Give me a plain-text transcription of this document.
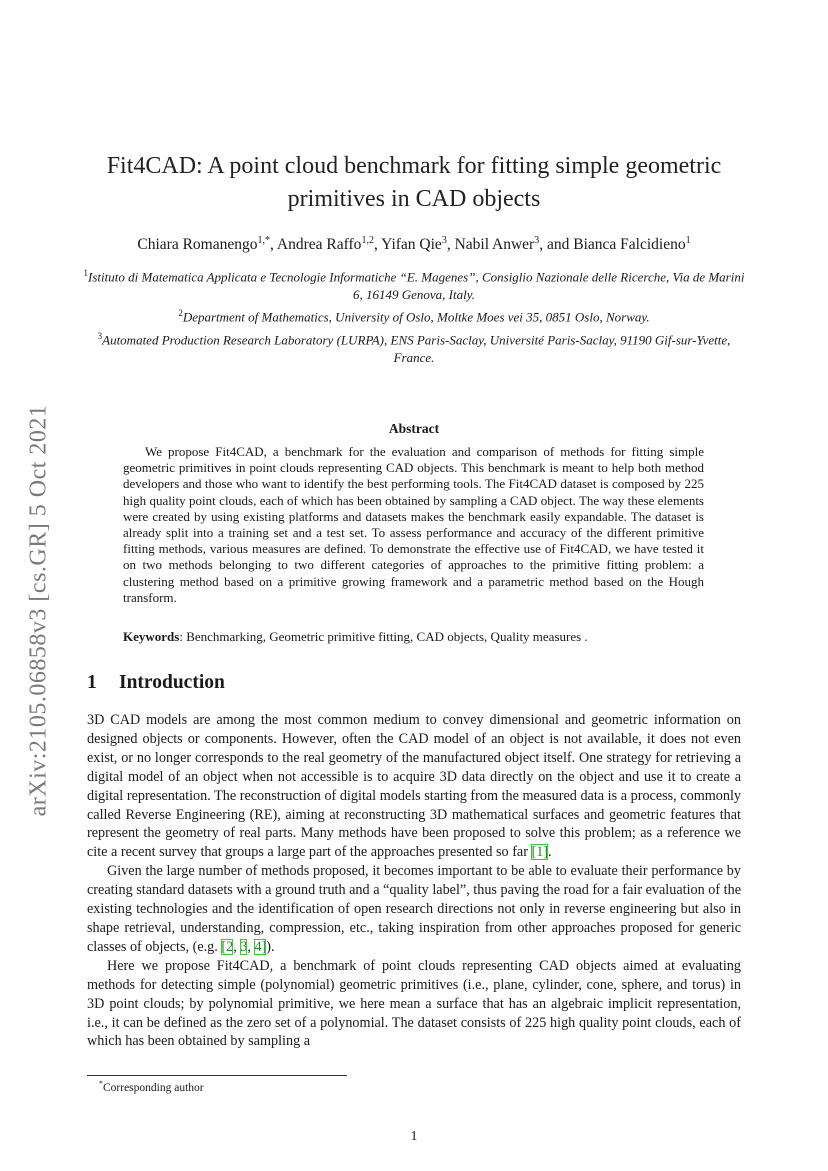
arXiv:2105.06858v3 [cs.GR] 5 Oct 2021
Fit4CAD: A point cloud benchmark for fitting simple geometric primitives in CAD objects
Chiara Romanengo$^{1,*}$, Andrea Raffo$^{1,2}$, Yifan Qie$^3$, Nabil Anwer$^3$, and Bianca Falcidieno$^1$
$^1$Istituto di Matematica Applicata e Tecnologie Informatiche “E. Magenes”, Consiglio Nazionale delle Ricerche, Via de Marini 6, 16149 Genova, Italy.
$^2$Department of Mathematics, University of Oslo, Moltke Moes vei 35, 0851 Oslo, Norway.
$^3$Automated Production Research Laboratory (LURPA), ENS Paris-Saclay, Université Paris-Saclay, 91190 Gif-sur-Yvette, France.
Abstract
We propose Fit4CAD, a benchmark for the evaluation and comparison of methods for fitting simple geometric primitives in point clouds representing CAD objects. This benchmark is meant to help both method developers and those who want to identify the best performing tools. The Fit4CAD dataset is composed by 225 high quality point clouds, each of which has been obtained by sampling a CAD object. The way these elements were created by using existing platforms and datasets makes the benchmark easily expandable. The dataset is already split into a training set and a test set. To assess performance and accuracy of the different primitive fitting methods, various measures are defined. To demonstrate the effective use of Fit4CAD, we have tested it on two methods belonging to two different categories of approaches to the primitive fitting problem: a clustering method based on a primitive growing framework and a parametric method based on the Hough transform.
Keywords: Benchmarking, Geometric primitive fitting, CAD objects, Quality measures .
1 Introduction

3D CAD models are among the most common medium to convey dimensional and geometric information on designed objects or components. However, often the CAD model of an object is not available, it does not even exist, or no longer corresponds to the real geometry of the manufactured object itself. One strategy for retrieving a digital model of an object when not accessible is to acquire 3D data directly on the object and use it to create a digital representation. The reconstruction of digital models starting from the measured data is a process, commonly called Reverse Engineering (RE), aiming at reconstructing 3D mathematical surfaces and geometric features that represent the geometry of real parts. Many methods have been proposed to solve this problem; as a reference we cite a recent survey that groups a large part of the approaches presented so far [1].

Given the large number of methods proposed, it becomes important to be able to evaluate their performance by creating standard datasets with a ground truth and a “quality label”, thus paving the road for a fair evaluation of the existing technologies and the identification of open research directions not only in reverse engineering but also in shape retrieval, understanding, compression, etc., taking inspiration from other approaches proposed for generic classes of objects, (e.g. [2, 3, 4]).

Here we propose Fit4CAD, a benchmark of point clouds representing CAD objects aimed at evaluating methods for detecting simple (polynomial) geometric primitives (i.e., plane, cylinder, cone, sphere, and torus) in 3D point clouds; by polynomial primitive, we here mean a surface that has an algebraic implicit representation, i.e., it can be defined as the zero set of a polynomial. The dataset consists of 225 high quality point clouds, each of which has been obtained by sampling a

*Corresponding author
1
